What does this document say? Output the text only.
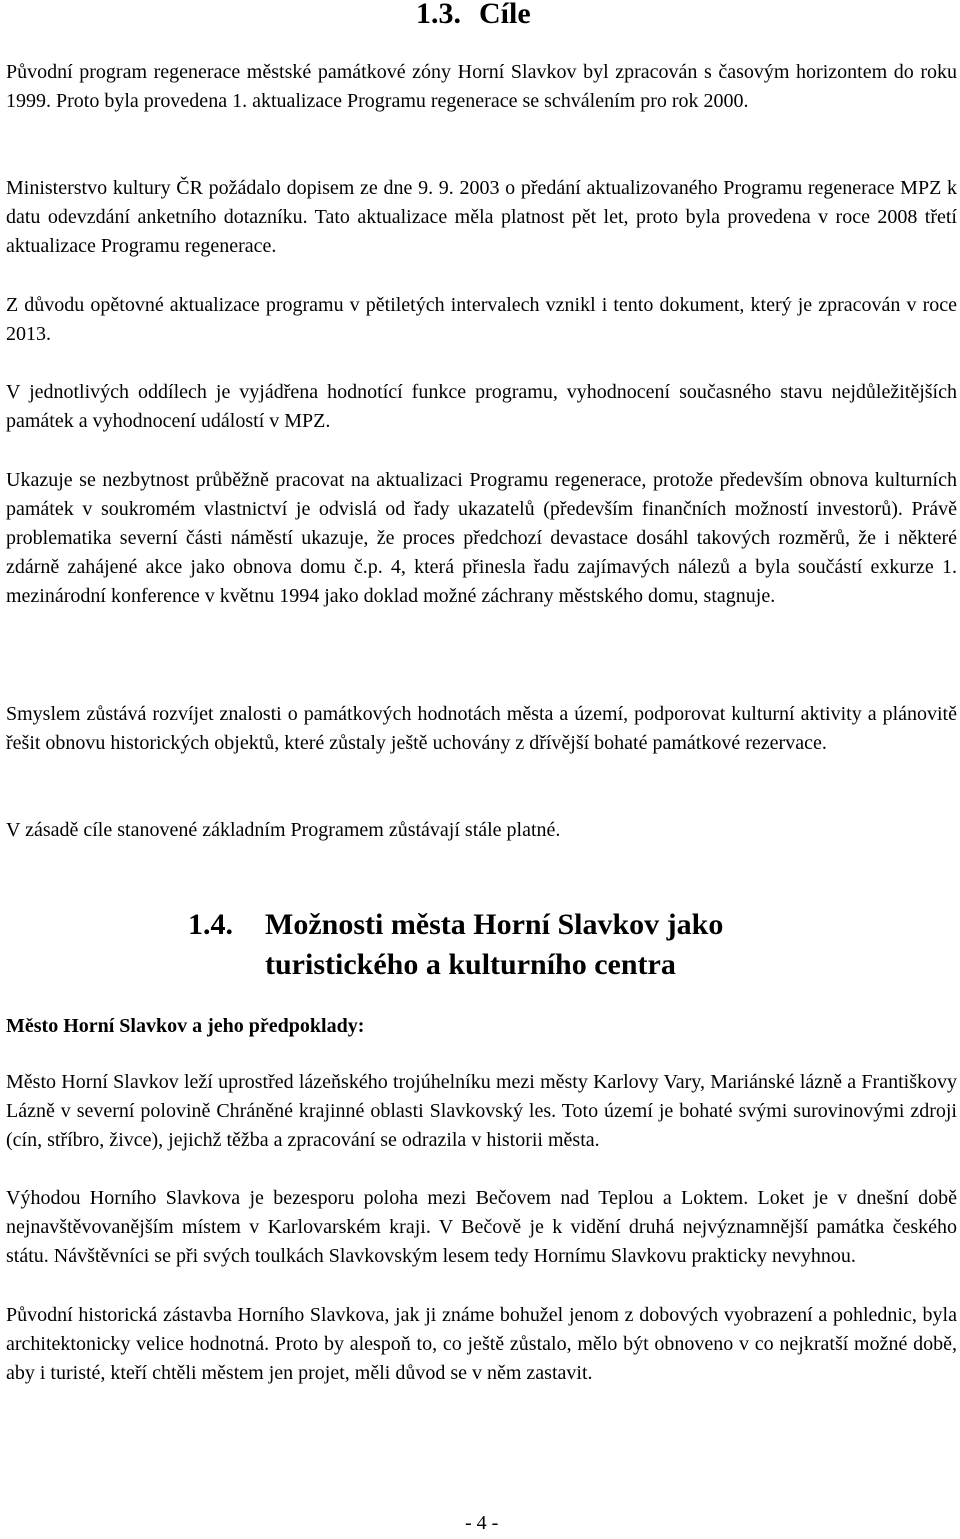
1.3. Cíle

Původní program regenerace městské památkové zóny Horní Slavkov byl zpracován s časovým horizontem do roku 1999. Proto byla provedena 1. aktualizace Programu regenerace se schválením pro rok 2000.

Ministerstvo kultury ČR požádalo dopisem ze dne 9. 9. 2003 o předání aktualizovaného Programu regenerace MPZ k datu odevzdání anketního dotazníku. Tato aktualizace měla platnost pět let, proto byla provedena v roce 2008 třetí aktualizace Programu regenerace.

Z důvodu opětovné aktualizace programu v pětiletých intervalech vznikl i tento dokument, který je zpracován v roce 2013.

V jednotlivých oddílech je vyjádřena hodnotící funkce programu, vyhodnocení současného stavu nejdůležitějších památek a vyhodnocení událostí v MPZ.

Ukazuje se nezbytnost průběžně pracovat na aktualizaci Programu regenerace, protože především obnova kulturních památek v soukromém vlastnictví je odvislá od řady ukazatelů (především finančních možností investorů). Právě problematika severní části náměstí ukazuje, že proces předchozí devastace dosáhl takových rozměrů, že i některé zdárně zahájené akce jako obnova domu č.p. 4, která přinesla řadu zajímavých nálezů a byla součástí exkurze 1. mezinárodní konference v květnu 1994 jako doklad možné záchrany městského domu, stagnuje.

Smyslem zůstává rozvíjet znalosti o památkových hodnotách města a území, podporovat kulturní aktivity a plánovitě řešit obnovu historických objektů, které zůstaly ještě uchovány z dřívější bohaté památkové rezervace.

V zásadě cíle stanovené základním Programem zůstávají stále platné.

1.4. Možnosti města Horní Slavkov jako
turistického a kulturního centra

Město Horní Slavkov a jeho předpoklady:

Město Horní Slavkov leží uprostřed lázeňského trojúhelníku mezi městy Karlovy Vary, Mariánské lázně a Františkovy Lázně v severní polovině Chráněné krajinné oblasti Slavkovský les. Toto území je bohaté svými surovinovými zdroji (cín, stříbro, živce), jejichž těžba a zpracování se odrazila v historii města.

Výhodou Horního Slavkova je bezesporu poloha mezi Bečovem nad Teplou a Loktem. Loket je v dnešní době nejnavštěvovanějším místem v Karlovarském kraji. V Bečově je k vidění druhá nejvýznamnější památka českého státu. Návštěvníci se při svých toulkách Slavkovským lesem tedy Hornímu Slavkovu prakticky nevyhnou.

Původní historická zástavba Horního Slavkova, jak ji známe bohužel jenom z dobových vyobrazení a pohlednic, byla architektonicky velice hodnotná. Proto by alespoň to, co ještě zůstalo, mělo být obnoveno v co nejkratší možné době, aby i turisté, kteří chtěli městem jen projet, měli důvod se v něm zastavit.

- 4 -
